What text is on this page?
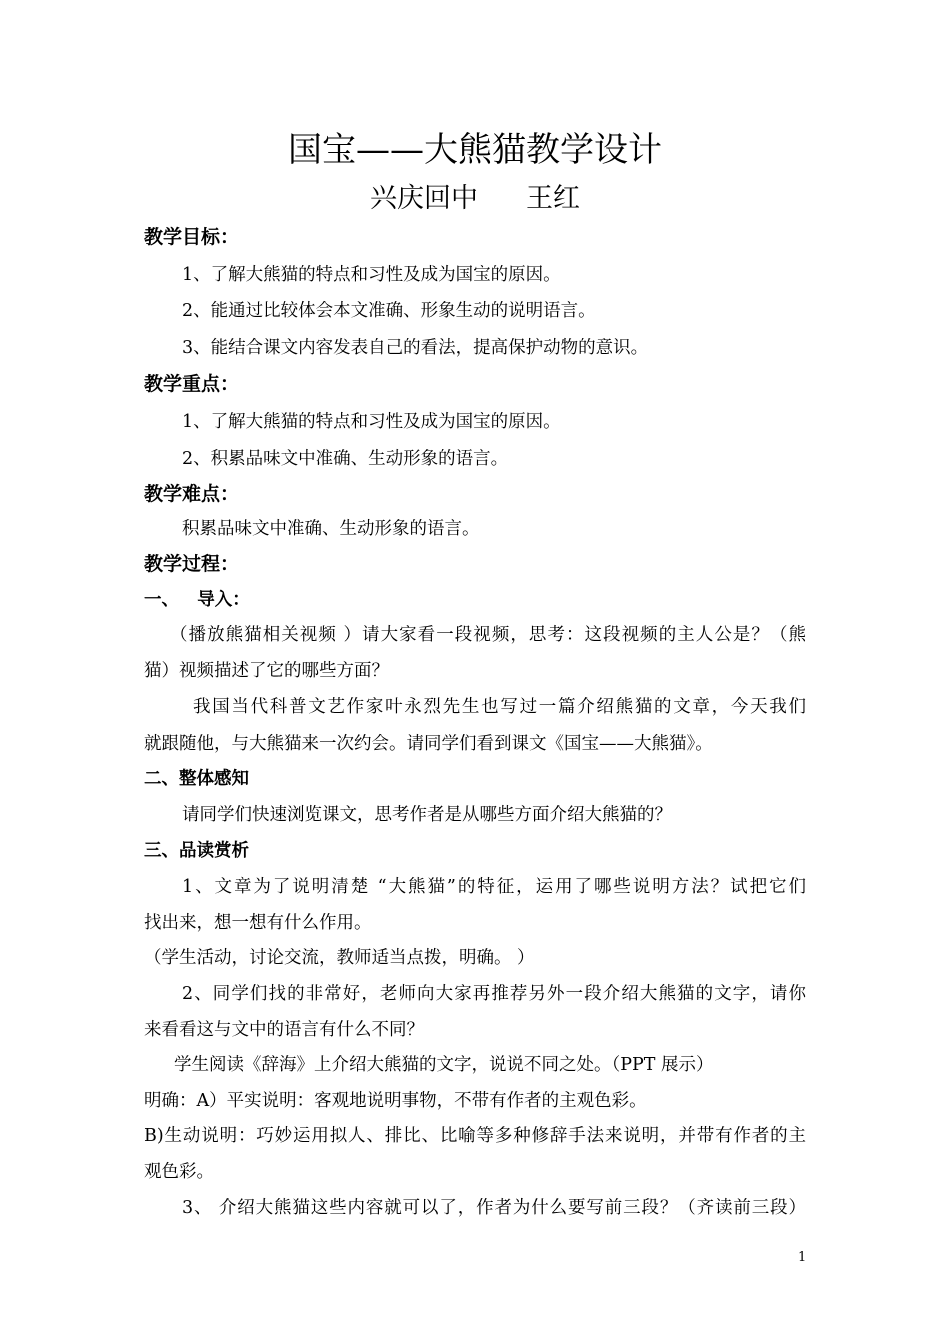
国宝——大熊猫教学设计
兴庆回中 王红
教学目标：
1、了解大熊猫的特点和习性及成为国宝的原因。
2、能通过比较体会本文准确、形象生动的说明语言。
3、能结合课文内容发表自己的看法，提高保护动物的意识。
教学重点：
1、了解大熊猫的特点和习性及成为国宝的原因。
2、积累品味文中准确、生动形象的语言。
教学难点：
积累品味文中准确、生动形象的语言。
教学过程：
一、   导入：
（播放熊猫相关视频 ）请大家看一段视频，思考：这段视频的主人公是？（熊
猫）视频描述了它的哪些方面？
我国当代科普文艺作家叶永烈先生也写过一篇介绍熊猫的文章，今天我们
就跟随他，与大熊猫来一次约会。请同学们看到课文《国宝——大熊猫》。
二、整体感知
请同学们快速浏览课文，思考作者是从哪些方面介绍大熊猫的？
三、品读赏析
1、文章为了说明清楚 “大熊猫”的特征，运用了哪些说明方法？试把它们
找出来，想一想有什么作用。
（学生活动，讨论交流，教师适当点拨，明确。 ）
2、同学们找的非常好，老师向大家再推荐另外一段介绍大熊猫的文字，请你
来看看这与文中的语言有什么不同？
学生阅读《辞海》上介绍大熊猫的文字，说说不同之处。（PPT 展示）
明确：A）平实说明：客观地说明事物，不带有作者的主观色彩。
B)生动说明：巧妙运用拟人、排比、比喻等多种修辞手法来说明，并带有作者的主
观色彩。
3、 介绍大熊猫这些内容就可以了，作者为什么要写前三段？（齐读前三段）
1
